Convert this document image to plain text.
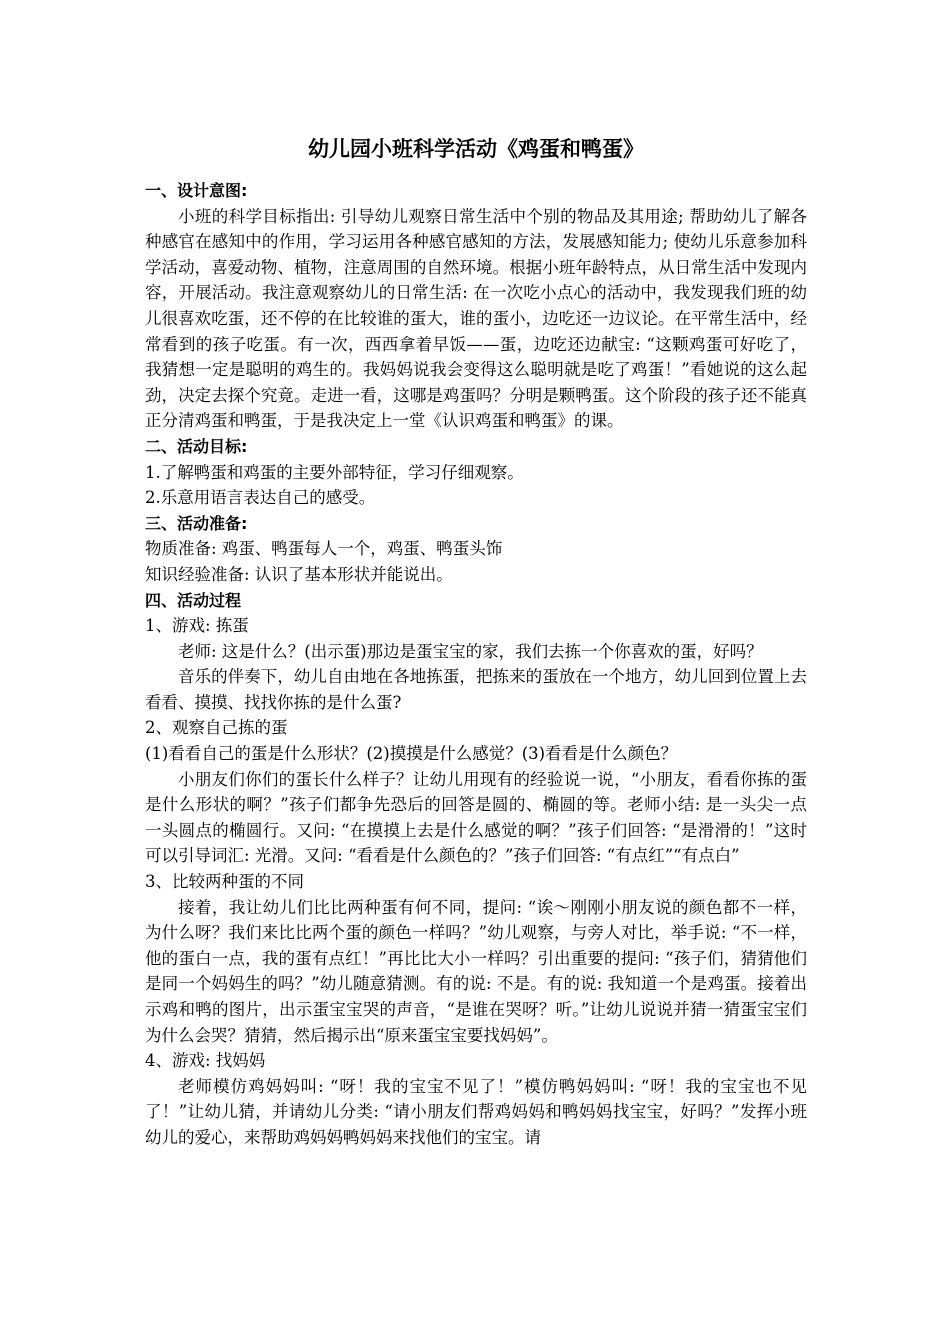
幼儿园小班科学活动《鸡蛋和鸭蛋》
一、设计意图:

小班的科学目标指出: 引导幼儿观察日常生活中个别的物品及其用途; 帮助幼儿了解各种感官在感知中的作用，学习运用各种感官感知的方法，发展感知能力; 使幼儿乐意参加科学活动，喜爱动物、植物，注意周围的自然环境。根据小班年龄特点，从日常生活中发现内容，开展活动。我注意观察幼儿的日常生活: 在一次吃小点心的活动中，我发现我们班的幼儿很喜欢吃蛋，还不停的在比较谁的蛋大，谁的蛋小，边吃还一边议论。在平常生活中，经常看到的孩子吃蛋。有一次，西西拿着早饭——蛋，边吃还边献宝: “这颗鸡蛋可好吃了，我猜想一定是聪明的鸡生的。我妈妈说我会变得这么聪明就是吃了鸡蛋！”看她说的这么起劲，决定去探个究竟。走进一看，这哪是鸡蛋吗？分明是颗鸭蛋。这个阶段的孩子还不能真正分清鸡蛋和鸭蛋，于是我决定上一堂《认识鸡蛋和鸭蛋》的课。

二、活动目标:

1.了解鸭蛋和鸡蛋的主要外部特征，学习仔细观察。

2.乐意用语言表达自己的感受。

三、活动准备:

物质准备: 鸡蛋、鸭蛋每人一个，鸡蛋、鸭蛋头饰

知识经验准备: 认识了基本形状并能说出。

四、活动过程

1、游戏: 拣蛋

老师: 这是什么？(出示蛋)那边是蛋宝宝的家，我们去拣一个你喜欢的蛋，好吗？

音乐的伴奏下，幼儿自由地在各地拣蛋，把拣来的蛋放在一个地方，幼儿回到位置上去看看、摸摸、找找你拣的是什么蛋?

2、观察自己拣的蛋

(1)看看自己的蛋是什么形状？(2)摸摸是什么感觉？(3)看看是什么颜色？

小朋友们你们的蛋长什么样子？让幼儿用现有的经验说一说，“小朋友，看看你拣的蛋是什么形状的啊？”孩子们都争先恐后的回答是圆的、椭圆的等。老师小结: 是一头尖一点一头圆点的椭圆行。又问: “在摸摸上去是什么感觉的啊？”孩子们回答: “是滑滑的！”这时可以引导词汇: 光滑。又问: “看看是什么颜色的？”孩子们回答: “有点红”“有点白”

3、比较两种蛋的不同

接着，我让幼儿们比比两种蛋有何不同，提问: “诶～刚刚小朋友说的颜色都不一样，为什么呀？我们来比比两个蛋的颜色一样吗？”幼儿观察，与旁人对比，举手说: “不一样，他的蛋白一点，我的蛋有点红！”再比比大小一样吗？引出重要的提问: “孩子们，猜猜他们是同一个妈妈生的吗？”幼儿随意猜测。有的说: 不是。有的说: 我知道一个是鸡蛋。接着出示鸡和鸭的图片，出示蛋宝宝哭的声音，“是谁在哭呀？听。”让幼儿说说并猜一猜蛋宝宝们为什么会哭？猜猜，然后揭示出“原来蛋宝宝要找妈妈”。

4、游戏: 找妈妈

老师模仿鸡妈妈叫: “呀！我的宝宝不见了！”模仿鸭妈妈叫: “呀！我的宝宝也不见了！”让幼儿猜，并请幼儿分类: “请小朋友们帮鸡妈妈和鸭妈妈找宝宝，好吗？”发挥小班幼儿的爱心，来帮助鸡妈妈鸭妈妈来找他们的宝宝。请
